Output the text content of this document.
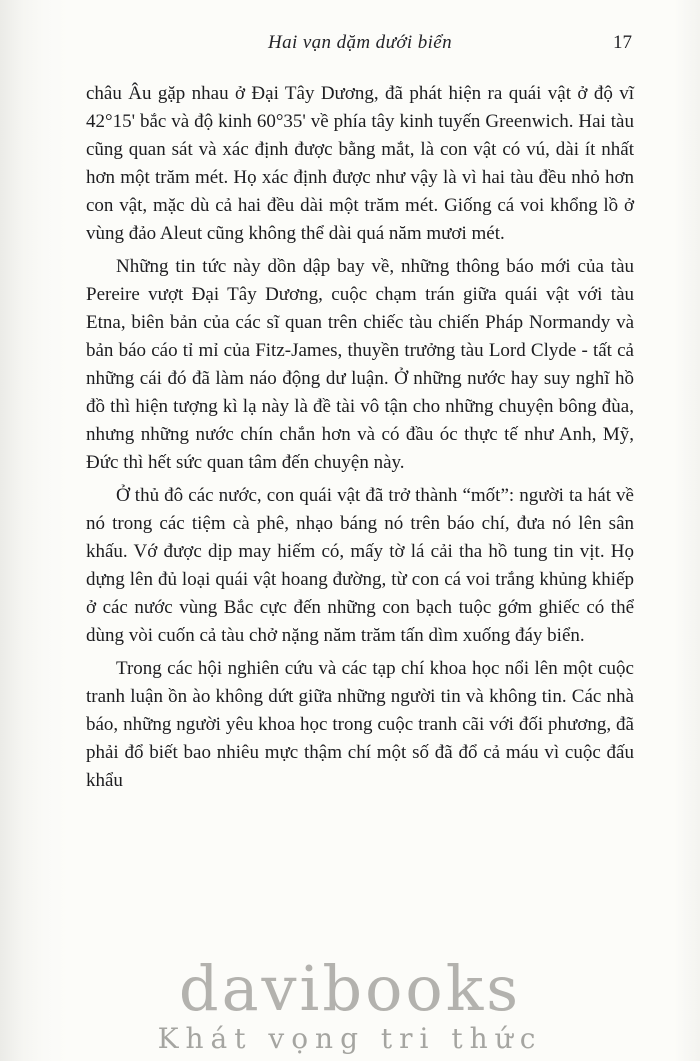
Hai vạn dặm dưới biển	17

châu Âu gặp nhau ở Đại Tây Dương, đã phát hiện ra quái vật ở độ vĩ 42°15' bắc và độ kinh 60°35' về phía tây kinh tuyến Greenwich. Hai tàu cũng quan sát và xác định được bằng mắt, là con vật có vú, dài ít nhất hơn một trăm mét. Họ xác định được như vậy là vì hai tàu đều nhỏ hơn con vật, mặc dù cả hai đều dài một trăm mét. Giống cá voi khổng lồ ở vùng đảo Aleut cũng không thể dài quá năm mươi mét.

Những tin tức này dồn dập bay về, những thông báo mới của tàu Pereire vượt Đại Tây Dương, cuộc chạm trán giữa quái vật với tàu Etna, biên bản của các sĩ quan trên chiếc tàu chiến Pháp Normandy và bản báo cáo tỉ mỉ của Fitz-James, thuyền trưởng tàu Lord Clyde - tất cả những cái đó đã làm náo động dư luận. Ở những nước hay suy nghĩ hồ đồ thì hiện tượng kì lạ này là đề tài vô tận cho những chuyện bông đùa, nhưng những nước chín chắn hơn và có đầu óc thực tế như Anh, Mỹ, Đức thì hết sức quan tâm đến chuyện này.

Ở thủ đô các nước, con quái vật đã trở thành “mốt”: người ta hát về nó trong các tiệm cà phê, nhạo báng nó trên báo chí, đưa nó lên sân khấu. Vớ được dịp may hiếm có, mấy tờ lá cải tha hồ tung tin vịt. Họ dựng lên đủ loại quái vật hoang đường, từ con cá voi trắng khủng khiếp ở các nước vùng Bắc cực đến những con bạch tuộc gớm ghiếc có thể dùng vòi cuốn cả tàu chở nặng năm trăm tấn dìm xuống đáy biển.

Trong các hội nghiên cứu và các tạp chí khoa học nổi lên một cuộc tranh luận ồn ào không dứt giữa những người tin và không tin. Các nhà báo, những người yêu khoa học trong cuộc tranh cãi với đối phương, đã phải đổ biết bao nhiêu mực thậm chí một số đã đổ cả máu vì cuộc đấu khẩu

davibooks
Khát vọng tri thức
